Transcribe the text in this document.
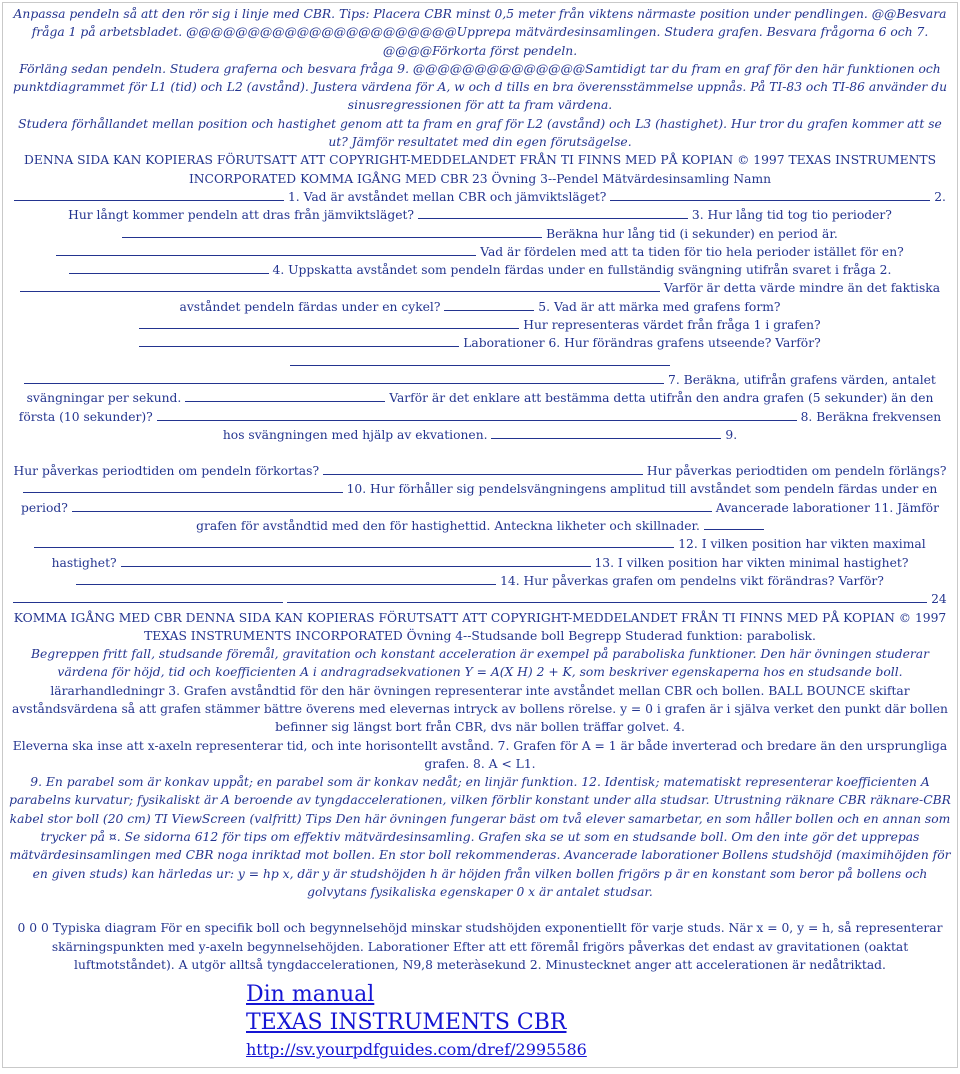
Anpassa pendeln så att den rör sig i linje med CBR. Tips: Placera CBR minst 0,5 meter från viktens närmaste position under pendlingen. @@Besvara fråga 1 på arbetsbladet. @@@@@@@@@@@@@@@@@@@@@@Upprepa mätvärdesinsamlingen. Studera grafen. Besvara frågorna 6 och 7. @@@@Förkorta först pendeln.

Förläng sedan pendeln. Studera graferna och besvara fråga 9. @@@@@@@@@@@@@@Samtidigt tar du fram en graf för den här funktionen och punktdiagrammet för L1 (tid) och L2 (avstånd). Justera värdena för A, w och d tills en bra överensstämmelse uppnås. På TI-83 och TI-86 använder du sinusregressionen för att ta fram värdena.

Studera förhållandet mellan position och hastighet genom att ta fram en graf för L2 (avstånd) och L3 (hastighet). Hur tror du grafen kommer att se ut? Jämför resultatet med din egen förutsägelse.

DENNA SIDA KAN KOPIERAS FÖRUTSATT ATT COPYRIGHT-MEDDELANDET FRÅN TI FINNS MED PÅ KOPIAN © 1997 TEXAS INSTRUMENTS INCORPORATED KOMMA IGÅNG MED CBR 23 Övning 3--Pendel Mätvärdesinsamling Namn

1. Vad är avståndet mellan CBR och jämviktsläget?	2. Hur långt kommer pendeln att dras från jämviktsläget?	3. Hur lång tid tog tio perioder?  Beräkna hur lång tid (i sekunder) en period är.  Vad är fördelen med att ta tiden för tio hela perioder istället för en?  4. Uppskatta avståndet som pendeln färdas under en fullständig svängning utifrån svaret i fråga 2.  Varför är detta värde mindre än det faktiska avståndet pendeln färdas under en cykel?	5. Vad är att märka med grafens form?  Hur representeras värdet från fråga 1 i grafen?  Laborationer 6. Hur förändras grafens utseende? Varför?   7. Beräkna, utifrån grafens värden, antalet svängningar per sekund.	Varför är det enklare att bestämma detta utifrån den andra grafen (5 sekunder) än den första (10 sekunder)?	8. Beräkna frekvensen hos svängningen med hjälp av ekvationen.	9.

Hur påverkas periodtiden om pendeln förkortas?	Hur påverkas periodtiden om pendeln förlängs?  10. Hur förhåller sig pendelsvängningens amplitud till avståndet som pendeln färdas under en period?	Avancerade laborationer 11. Jämför grafen för avståndtid med den för hastighettid. Anteckna likheter och skillnader.   12. I vilken position har vikten maximal hastighet?	13. I vilken position har vikten minimal hastighet?  14. Hur påverkas grafen om pendelns vikt förändras? Varför?   24

KOMMA IGÅNG MED CBR DENNA SIDA KAN KOPIERAS FÖRUTSATT ATT COPYRIGHT-MEDDELANDET FRÅN TI FINNS MED PÅ KOPIAN © 1997 TEXAS INSTRUMENTS INCORPORATED Övning 4--Studsande boll Begrepp Studerad funktion: parabolisk.

Begreppen fritt fall, studsande föremål, gravitation och konstant acceleration är exempel på paraboliska funktioner. Den här övningen studerar värdena för höjd, tid och koefficienten A i andragradsekvationen Y = A(X H) 2 + K, som beskriver egenskaperna hos en studsande boll.

lärarhandledningr 3. Grafen avståndtid för den här övningen representerar inte avståndet mellan CBR och bollen. BALL BOUNCE skiftar avståndsvärdena så att grafen stämmer bättre överens med elevernas intryck av bollens rörelse. y = 0 i grafen är i själva verket den punkt där bollen befinner sig längst bort från CBR, dvs när bollen träffar golvet. 4.

Eleverna ska inse att x-axeln representerar tid, och inte horisontellt avstånd. 7. Grafen för A = 1 är både inverterad och bredare än den ursprungliga grafen. 8. A < L1.

9. En parabel som är konkav uppåt; en parabel som är konkav nedåt; en linjär funktion. 12. Identisk; matematiskt representerar koefficienten A parabelns kurvatur; fysikaliskt är A beroende av tyngdaccelerationen, vilken förblir konstant under alla studsar. Utrustning räknare CBR räknare-CBR kabel stor boll (20 cm) TI ViewScreen (valfritt) Tips Den här övningen fungerar bäst om två elever samarbetar, en som håller bollen och en annan som trycker på ¤. Se sidorna 612 för tips om effektiv mätvärdesinsamling. Grafen ska se ut som en studsande boll. Om den inte gör det upprepas mätvärdesinsamlingen med CBR noga inriktad mot bollen. En stor boll rekommenderas. Avancerade laborationer Bollens studshöjd (maximihöjden för en given studs) kan härledas ur: y = hp x, där y är studshöjden h är höjden från vilken bollen frigörs p är en konstant som beror på bollens och golvytans fysikaliska egenskaper 0 x är antalet studsar.

0 0 0 Typiska diagram För en specifik boll och begynnelsehöjd minskar studshöjden exponentiellt för varje studs. När x = 0, y = h, så representerar skärningspunkten med y-axeln begynnelsehöjden. Laborationer Efter att ett föremål frigörs påverkas det endast av gravitationen (oaktat luftmotståndet). A utgör alltså tyngdaccelerationen, N9,8 meteràsekund 2. Minustecknet anger att accelerationen är nedåtriktad.

Din manual
TEXAS INSTRUMENTS CBR
http://sv.yourpdfguides.com/dref/2995586
